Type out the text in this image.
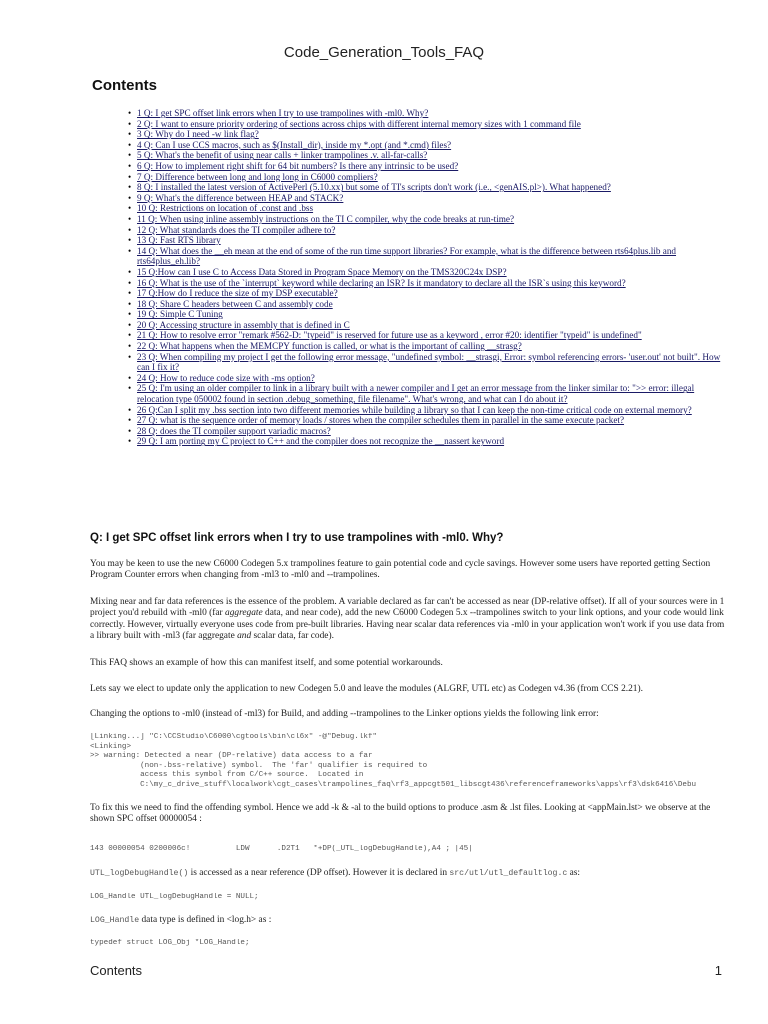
Code_Generation_Tools_FAQ
Contents
• 1 Q: I get SPC offset link errors when I try to use trampolines with -ml0. Why?
• 2 Q: I want to ensure priority ordering of sections across chips with different internal memory sizes with 1 command file
• 3 Q: Why do I need -w link flag?
• 4 Q: Can I use CCS macros, such as $(Install_dir), inside my *.opt (and *.cmd) files?
• 5 Q: What's the benefit of using near calls + linker trampolines .v. all-far-calls?
• 6 Q: How to implement right shift for 64 bit numbers? Is there any intrinsic to be used?
• 7 Q: Difference between long and long long in C6000 compliers?
• 8 Q: I installed the latest version of ActivePerl (5.10.xx) but some of TI's scripts don't work (i.e., <genAIS.pl>). What happened?
• 9 Q: What's the difference between HEAP and STACK?
• 10 Q: Restrictions on location of .const and .bss
• 11 Q: When using inline assembly instructions on the TI C compiler, why the code breaks at run-time?
• 12 Q: What standards does the TI compiler adhere to?
• 13 Q: Fast RTS library
• 14 Q: What does the __eh mean at the end of some of the run time support libraries? For example, what is the difference between rts64plus.lib and rts64plus_eh.lib?
• 15 Q:How can I use C to Access Data Stored in Program Space Memory on the TMS320C24x DSP?
• 16 Q: What is the use of the `interrupt` keyword while declaring an ISR? Is it mandatory to declare all the ISR`s using this keyword?
• 17 Q:How do I reduce the size of my DSP executable?
• 18 Q: Share C headers between C and assembly code
• 19 Q: Simple C Tuning
• 20 Q: Accessing structure in assembly that is defined in C
• 21 Q: How to resolve error "remark #562-D: "typeid" is reserved for future use as a keyword , error #20: identifier "typeid" is undefined"
• 22 Q: What happens when the MEMCPY function is called, or what is the important of calling __strasg?
• 23 Q: When compiling my project I get the following error message, "undefined symbol: __strasgi, Error: symbol referencing errors- 'user.out' not built". How can I fix it?
• 24 Q: How to reduce code size with -ms option?
• 25 Q: I'm using an older compiler to link in a library built with a newer compiler and I get an error message from the linker similar to: ">> error: illegal relocation type 050002 found in section .debug_something, file filename". What's wrong, and what can I do about it?
• 26 Q:Can I split my .bss section into two different memories while building a library so that I can keep the non-time critical code on external memory?
• 27 Q: what is the sequence order of memory loads / stores when the compiler schedules them in parallel in the same execute packet?
• 28 Q: does the TI compiler support variadic macros?
• 29 Q: I am porting my C project to C++ and the compiler does not recognize the __nassert keyword
Q: I get SPC offset link errors when I try to use trampolines with -ml0. Why?
You may be keen to use the new C6000 Codegen 5.x trampolines feature to gain potential code and cycle savings. However some users have reported getting Section Program Counter errors when changing from -ml3 to -ml0 and --trampolines.
Mixing near and far data references is the essence of the problem. A variable declared as far can't be accessed as near (DP-relative offset). If all of your sources were in 1 project you'd rebuild with -ml0 (far aggregate data, and near code), add the new C6000 Codegen 5.x --trampolines switch to your link options, and your code would link correctly. However, virtually everyone uses code from pre-built libraries. Having near scalar data references via -ml0 in your application won't work if you use data from a library built with -ml3 (far aggregate and scalar data, far code).
This FAQ shows an example of how this can manifest itself, and some potential workarounds.
Lets say we elect to update only the application to new Codegen 5.0 and leave the modules (ALGRF, UTL etc) as Codegen v4.36 (from CCS 2.21).
Changing the options to -ml0 (instead of -ml3) for Build, and adding --trampolines to the Linker options yields the following link error:
[Linking...] "C:\CCStudio\C6000\cgtools\bin\cl6x" -@"Debug.lkf"
<Linking>
>> warning: Detected a near (DP-relative) data access to a far
(non-.bss-relative) symbol.  The 'far' qualifier is required to
access this symbol from C/C++ source.  Located in
C:\my_c_drive_stuff\localwork\cgt_cases\trampolines_faq\rf3_appcgt501_libscgt436\referenceframeworks\apps\rf3\dsk6416\Debu
To fix this we need to find the offending symbol. Hence we add -k & -al to the build options to produce .asm & .lst files. Looking at <appMain.lst> we observe at the shown SPC offset 00000054 :
143 00000054 0200006c!          LDW      .D2T1   *+DP(_UTL_logDebugHandle),A4 ; |45|
UTL_logDebugHandle() is accessed as a near reference (DP offset). However it is declared in src/utl/utl_defaultlog.c as:
LOG_Handle UTL_logDebugHandle = NULL;
LOG_Handle data type is defined in <log.h> as :
typedef struct LOG_Obj *LOG_Handle;
Contents	1
